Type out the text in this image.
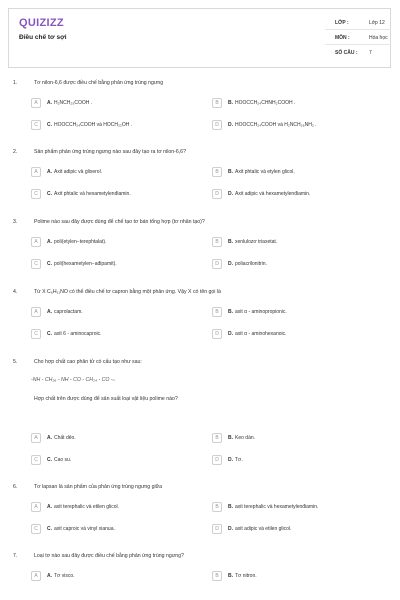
QUIZIZZ
Điều chế tơ sợi
LỚP :	Lớp 12
MÔN :	Hóa học
SỐ CÂU : 7
1.	Tơ nilon-6,6 được điều chế bằng phản ứng trùng ngưng
A	A. H₂NCH₂₅COOH .	B	B. HOOCCH₂₄CHNH₂COOH .
C	C. HOOCCH₂₄COOH và HOCH₂₂OH .	D	D. HOOCCH₂₄COOH và H₂NCH₂₆NH₂ .
2.	Sản phẩm phản ứng trùng ngưng nào sau đây tạo ra tơ nilon-6,6?
A	A. Axit adipic và glixerol.	B	B. Axit phtalic và etylen glicol.
C	C. Axit phtalic và hexametylenđiamin.	D	D. Axit adipic và hexametylenđiamin.
3.	Polime nào sau đây được dùng để chế tạo tơ bán tổng hợp (tơ nhân tạo)?
A	A. poli(etylen−terephtalat).	B	B. xenlulozơ triaxetat.
C	C. poli(hexametylen−ađipamit).	D	D. poliacrilonitrin.
4.	Từ X C₆H₁₁NO có thể điều chế tơ capron bằng một phản ứng. Vậy X có tên gọi là
A	A. caprolactam.	B	B. axit α - aminopropionic.
C	C. axit 6 - aminocaproic.	D	D. axit α - aminohexanoic.
5.	Cho hợp chất cao phân tử có cấu tạo như sau:
-NH - CH₂₆ - NH - CO - CH₂₄ - CO -ₙ
Hợp chất trên được dùng để sản xuất loại vật liệu polime nào?
A	A. Chất dẻo.	B	B. Keo dán.
C	C. Cao su.	D	D. Tơ.
6.	Tơ lapsan là sản phẩm của phản ứng trùng ngưng giữa
A	A. axit terephalic và etilen glicol.	B	B. axit terephalic và hexametylenđiamin.
C	C. axit caproic và vinyl xianua.	D	D. axit adipic và etilen glicol.
7.	Loại tơ nào sau đây được điều chế bằng phản ứng trùng ngưng?
A	A. Tơ visco.	B	B. Tơ nitron.
